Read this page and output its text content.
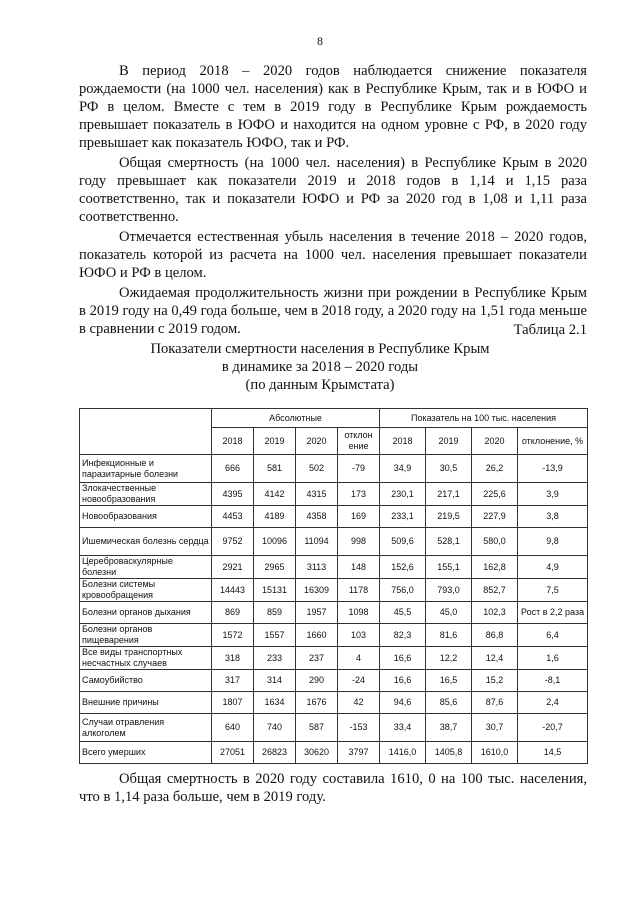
8

В период 2018 – 2020 годов наблюдается снижение показателя рождаемости (на 1000 чел. населения) как в Республике Крым, так и в ЮФО и РФ в целом. Вместе с тем в 2019 году в Республике Крым рождаемость превышает показатель в ЮФО и находится на одном уровне с РФ, в 2020 году превышает как показатель ЮФО, так и РФ.

Общая смертность (на 1000 чел. населения) в Республике Крым в 2020 году превышает как показатели 2019 и 2018 годов в 1,14 и 1,15 раза соответственно, так и показатели ЮФО и РФ за 2020 год в 1,08 и 1,11 раза соответственно.

Отмечается естественная убыль населения в течение 2018 – 2020 годов, показатель которой из расчета на 1000 чел. населения превышает показатели ЮФО и РФ в целом.

Ожидаемая продолжительность жизни при рождении в Республике Крым в 2019 году на 0,49 года больше, чем в 2018 году, а 2020 году на 1,51 года меньше в сравнении с 2019 годом.	Таблица 2.1
Показатели смертности населения в Республике Крым
в динамике за 2018 – 2020 годы
(по данным Крымстата)
	Абсолютные				Показатель на 100 тыс. населения			
	2018	2019	2020	отклон ение	2018	2019	2020	отклонение, %
Инфекционные и паразитарные болезни	666	581	502	-79	34,9	30,5	26,2	-13,9
Злокачественные новообразования	4395	4142	4315	173	230,1	217,1	225,6	3,9
Новообразования	4453	4189	4358	169	233,1	219,5	227,9	3,8
Ишемическая болезнь сердца	9752	10096	11094	998	509,6	528,1	580,0	9,8
Цереброваскулярные болезни	2921	2965	3113	148	152,6	155,1	162,8	4,9
Болезни системы кровообращения	14443	15131	16309	1178	756,0	793,0	852,7	7,5
Болезни органов дыхания	869	859	1957	1098	45,5	45,0	102,3	Рост в 2,2 раза
Болезни органов пищеварения	1572	1557	1660	103	82,3	81,6	86,8	6,4
Все виды транспортных несчастных случаев	318	233	237	4	16,6	12,2	12,4	1,6
Самоубийство	317	314	290	-24	16,6	16,5	15,2	-8,1
Внешние причины	1807	1634	1676	42	94,6	85,6	87,6	2,4
Случаи отравления алкоголем	640	740	587	-153	33,4	38,7	30,7	-20,7
Всего умерших	27051	26823	30620	3797	1416,0	1405,8	1610,0	14,5

Общая смертность в 2020 году составила 1610, 0 на 100 тыс. населения, что в 1,14 раза больше, чем в 2019 году.
